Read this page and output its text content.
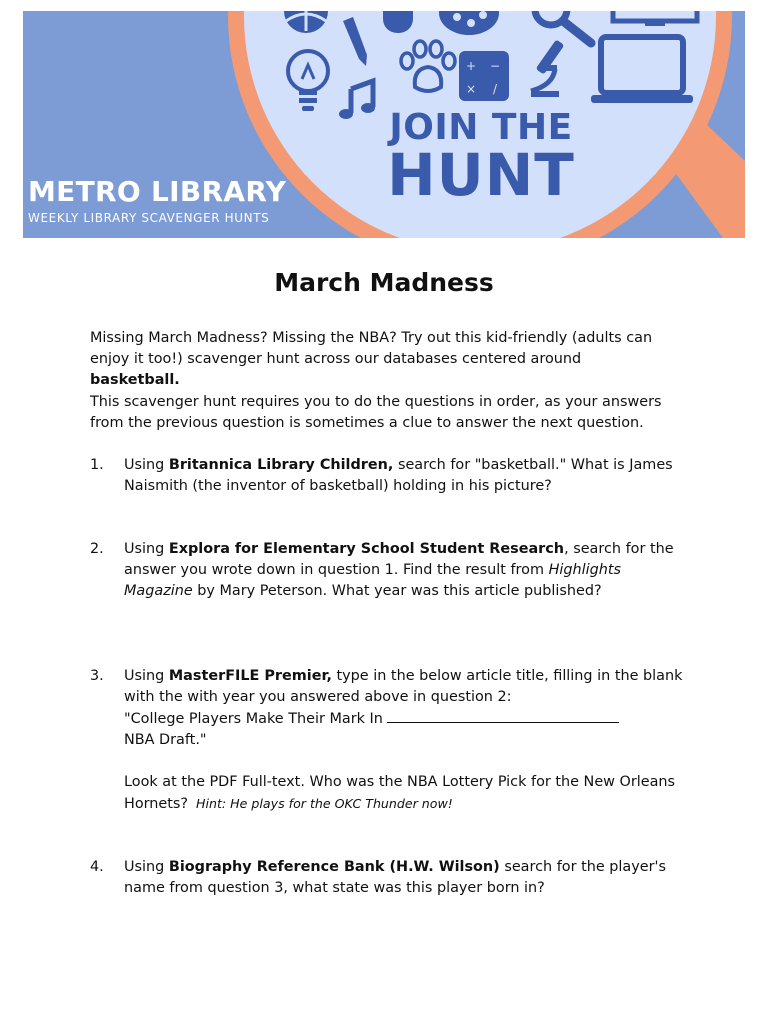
+ −
× /
METRO LIBRARY
WEEKLY LIBRARY SCAVENGER HUNTS
JOIN THE
HUNT
March Madness

Missing March Madness? Missing the NBA? Try out this kid-friendly (adults can enjoy it too!) scavenger hunt across our databases centered around basketball.

This scavenger hunt requires you to do the questions in order, as your answers from the previous question is sometimes a clue to answer the next question.

1. Using Britannica Library Children, search for "basketball." What is James Naismith (the inventor of basketball) holding in his picture?
2. Using Explora for Elementary School Student Research, search for the answer you wrote down in question 1. Find the result from Highlights Magazine by Mary Peterson. What year was this article published?
3. Using MasterFILE Premier, type in the below article title, filling in the blank with the with year you answered above in question 2:
"College Players Make Their Mark In
NBA Draft."
Look at the PDF Full-text. Who was the NBA Lottery Pick for the New Orleans Hornets? Hint: He plays for the OKC Thunder now!
4. Using Biography Reference Bank (H.W. Wilson) search for the player's name from question 3, what state was this player born in?
